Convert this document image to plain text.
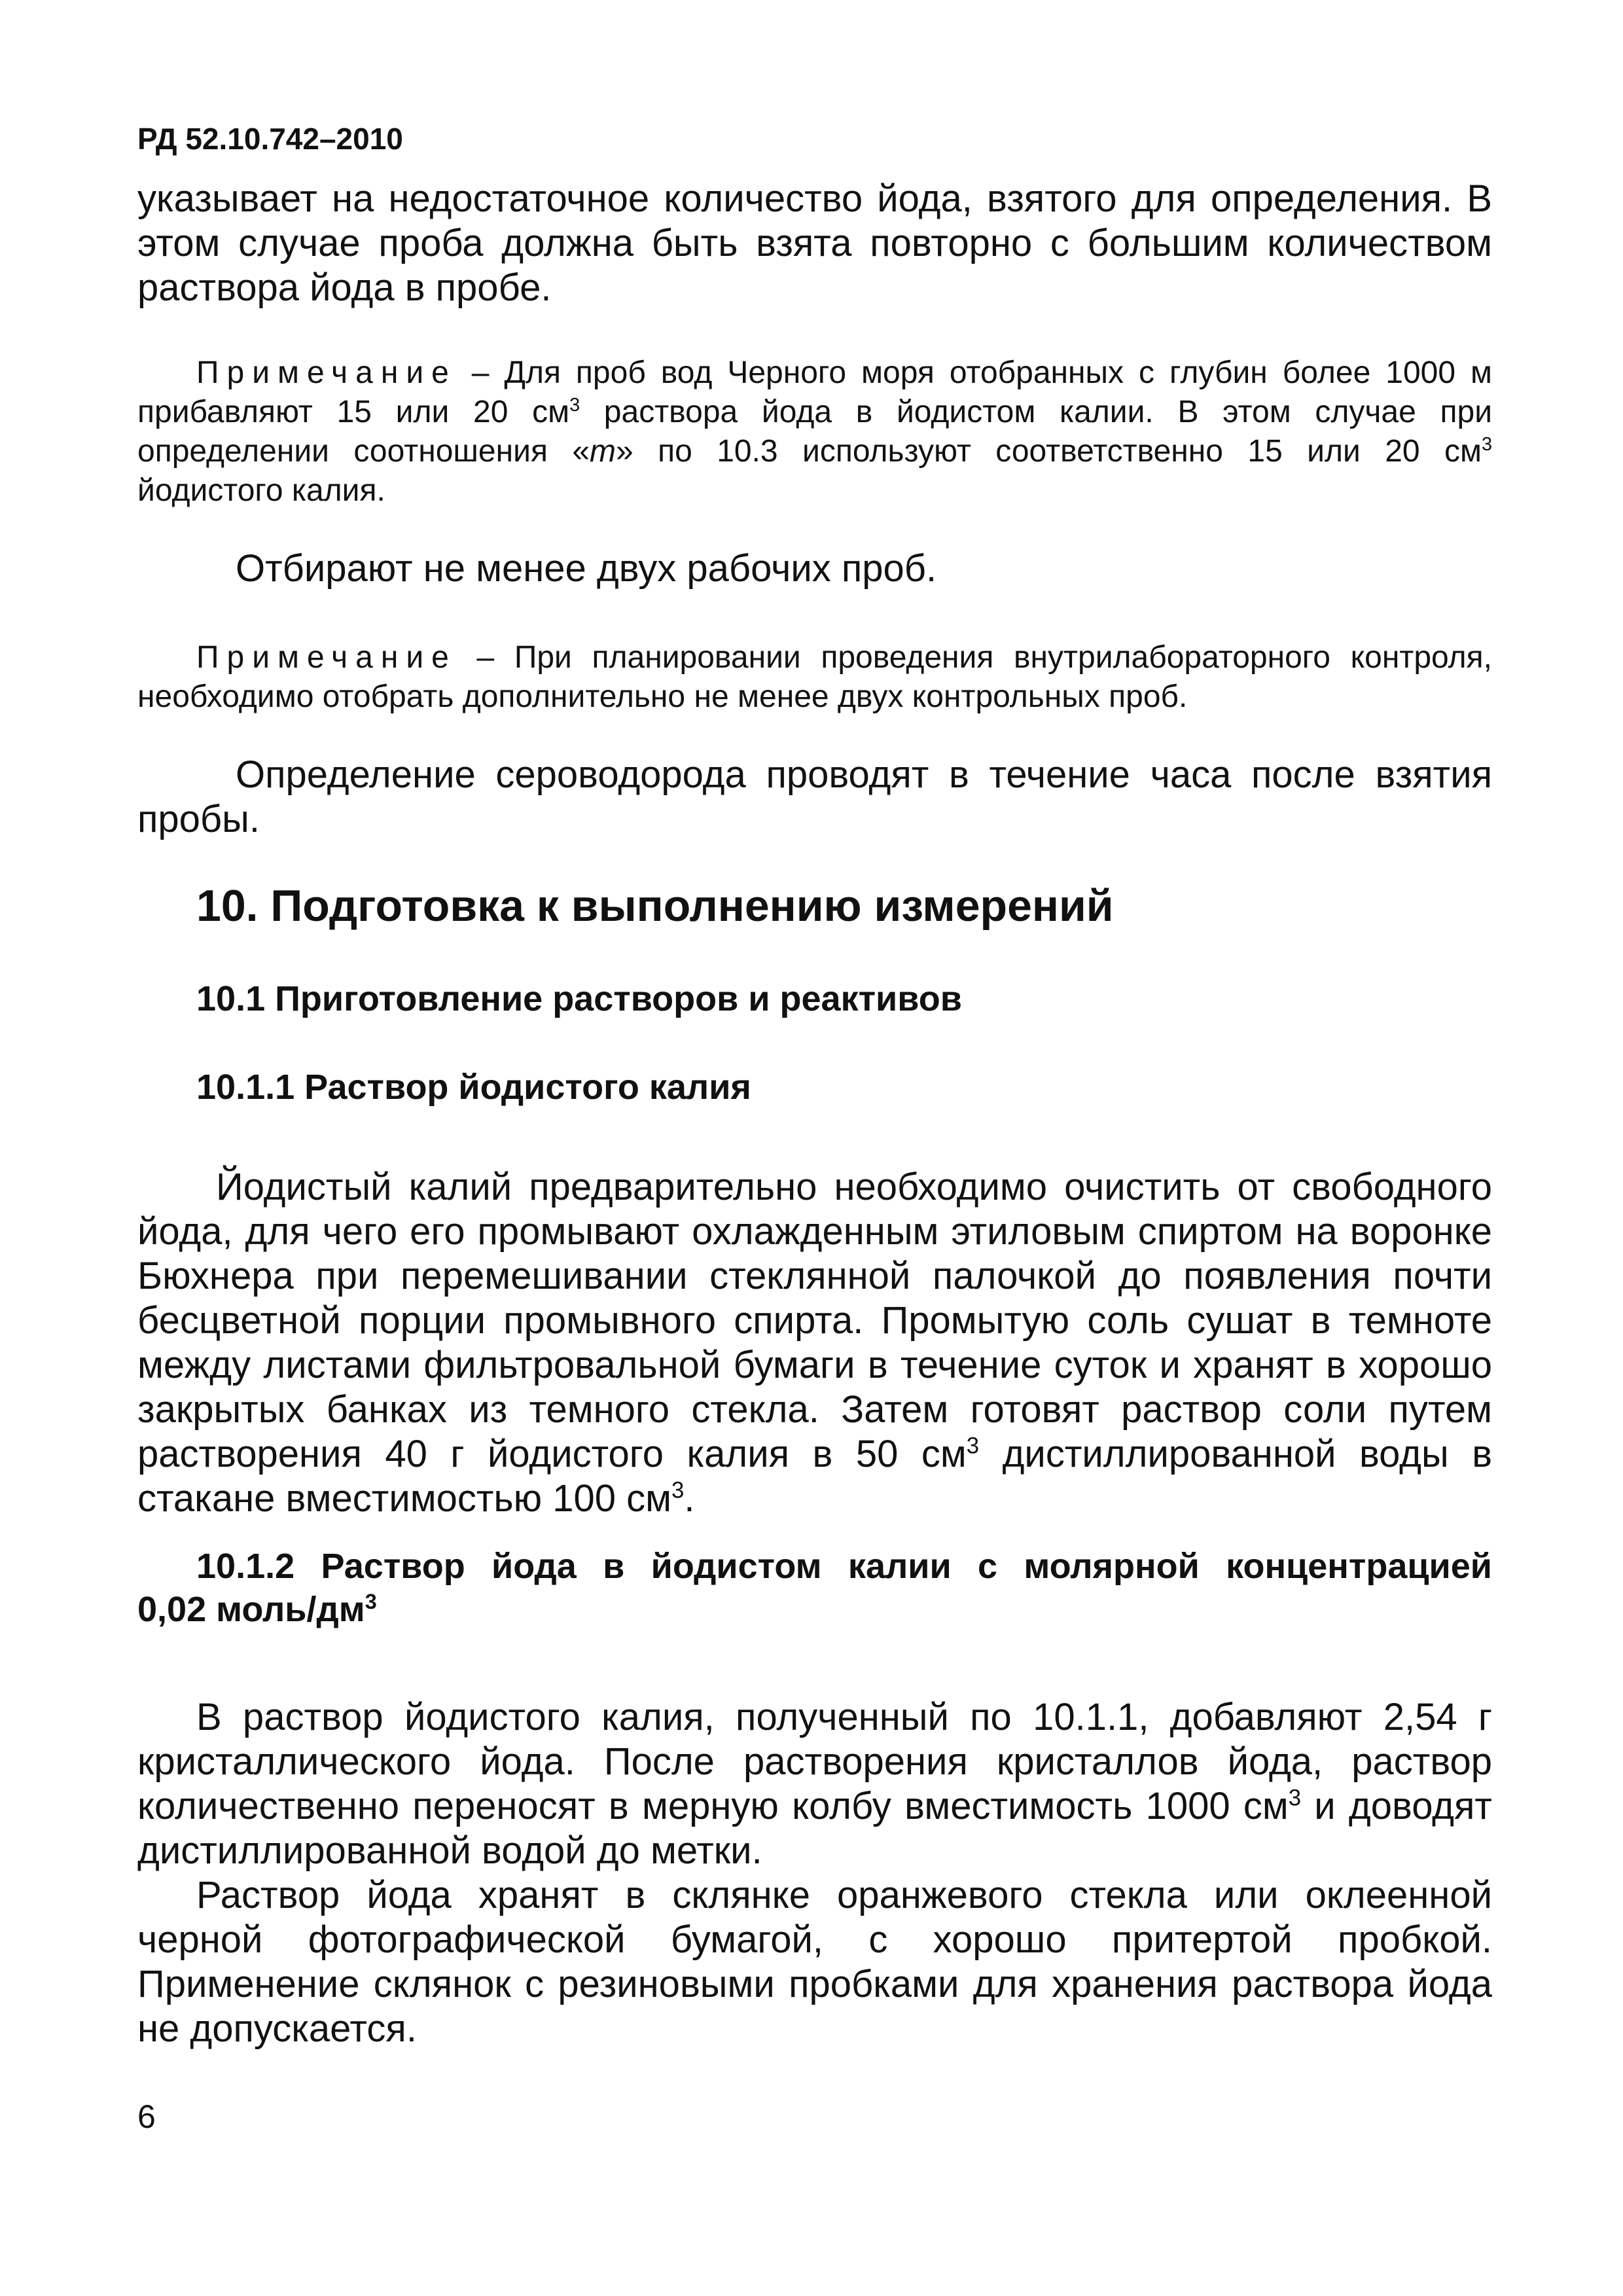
РД 52.10.742–2010
указывает на недостаточное количество йода, взятого для определения. В
этом случае проба должна быть взята повторно с большим количеством
раствора йода в пробе.
Примечание – Для проб вод Черного моря отобранных с глубин более 1000 м
прибавляют 15 или 20 $см^3$ раствора йода в йодистом калии. В этом случае при
определении соотношения «m» по 10.3 используют соответственно 15 или 20 $см^3$
йодистого калия.
Отбирают не менее двух рабочих проб.
Примечание – При планировании проведения внутрилабораторного контроля,
необходимо отобрать дополнительно не менее двух контрольных проб.
Определение сероводорода проводят в течение часа после взятия
пробы.
10. Подготовка к выполнению измерений
10.1 Приготовление растворов и реактивов
10.1.1 Раствор йодистого калия
Йодистый калий предварительно необходимо очистить от свободного
йода, для чего его промывают охлажденным этиловым спиртом на воронке
Бюхнера при перемешивании стеклянной палочкой до появления почти
бесцветной порции промывного спирта. Промытую соль сушат в темноте
между листами фильтровальной бумаги в течение суток и хранят в хорошо
закрытых банках из темного стекла. Затем готовят раствор соли путем
растворения 40 г йодистого калия в 50 $см^3$ дистиллированной воды в
стакане вместимостью 100 $см^3$.
10.1.2 Раствор йода в йодистом калии с молярной концентрацией
0,02 моль/$дм^3$
В раствор йодистого калия, полученный по 10.1.1, добавляют 2,54 г
кристаллического йода. После растворения кристаллов йода, раствор
количественно переносят в мерную колбу вместимость 1000 $см^3$ и доводят
дистиллированной водой до метки.
Раствор йода хранят в склянке оранжевого стекла или оклеенной
черной фотографической бумагой, с хорошо притертой пробкой.
Применение склянок с резиновыми пробками для хранения раствора йода
не допускается.
6
